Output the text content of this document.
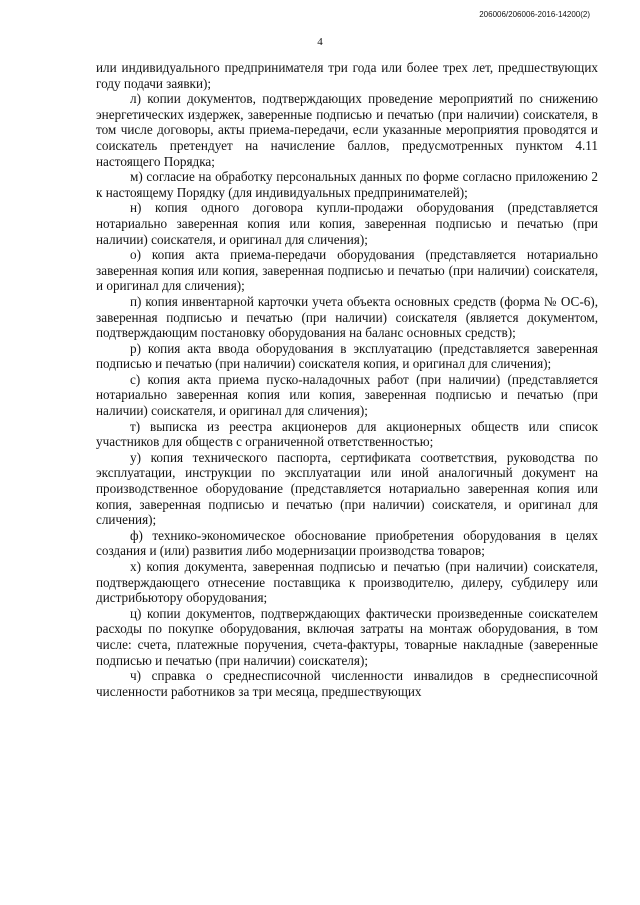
206006/206006-2016-14200(2)
4

или индивидуального предпринимателя три года или более трех лет, предшествующих году подачи заявки);

л) копии документов, подтверждающих проведение мероприятий по снижению энергетических издержек, заверенные подписью и печатью (при наличии) соискателя, в том числе договоры, акты приема-передачи, если указанные мероприятия проводятся и соискатель претендует на начисление баллов, предусмотренных пунктом 4.11 настоящего Порядка;

м) согласие на обработку персональных данных по форме согласно приложению 2 к настоящему Порядку (для индивидуальных предпринимателей);

н) копия одного договора купли-продажи оборудования (представляется нотариально заверенная копия или копия, заверенная подписью и печатью (при наличии) соискателя, и оригинал для сличения);

о) копия акта приема-передачи оборудования (представляется нотариально заверенная копия или копия, заверенная подписью и печатью (при наличии) соискателя, и оригинал для сличения);

п) копия инвентарной карточки учета объекта основных средств (форма № ОС-6), заверенная подписью и печатью (при наличии) соискателя (является документом, подтверждающим постановку оборудования на баланс основных средств);

р) копия акта ввода оборудования в эксплуатацию (представляется заверенная подписью и печатью (при наличии) соискателя копия, и оригинал для сличения);

с) копия акта приема пуско-наладочных работ (при наличии) (представляется нотариально заверенная копия или копия, заверенная подписью и печатью (при наличии) соискателя, и оригинал для сличения);

т) выписка из реестра акционеров для акционерных обществ или список участников для обществ с ограниченной ответственностью;

у) копия технического паспорта, сертификата соответствия, руководства по эксплуатации, инструкции по эксплуатации или иной аналогичный документ на производственное оборудование (представляется нотариально заверенная копия или копия, заверенная подписью и печатью (при наличии) соискателя, и оригинал для сличения);

ф) технико-экономическое обоснование приобретения оборудования в целях создания и (или) развития либо модернизации производства товаров;

х) копия документа, заверенная подписью и печатью (при наличии) соискателя, подтверждающего отнесение поставщика к производителю, дилеру, субдилеру или дистрибьютору оборудования;

ц) копии документов, подтверждающих фактически произведенные соискателем расходы по покупке оборудования, включая затраты на монтаж оборудования, в том числе: счета, платежные поручения, счета-фактуры, товарные накладные (заверенные подписью и печатью (при наличии) соискателя);

ч) справка о среднесписочной численности инвалидов в среднесписочной численности работников за три месяца, предшествующих
